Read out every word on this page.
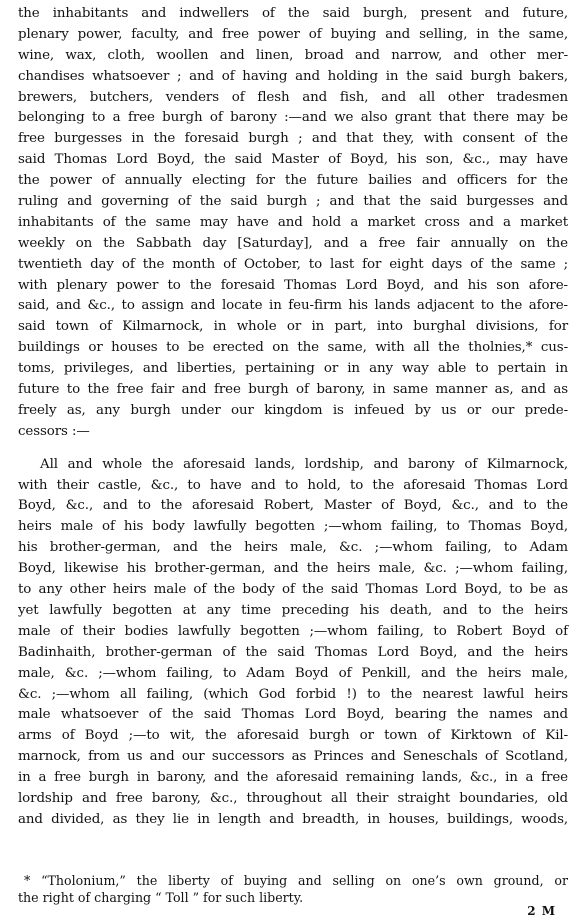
the inhabitants and indwellers of the said burgh, present and future,
plenary power, faculty, and free power of buying and selling, in the same,
wine, wax, cloth, woollen and linen, broad and narrow, and other mer-
chandises whatsoever ; and of having and holding in the said burgh bakers,
brewers, butchers, venders of flesh and fish, and all other tradesmen
belonging to a free burgh of barony :—and we also grant that there may be
free burgesses in the foresaid burgh ; and that they, with consent of the
said Thomas Lord Boyd, the said Master of Boyd, his son, &c., may have
the power of annually electing for the future bailies and officers for the
ruling and governing of the said burgh ; and that the said burgesses and
inhabitants of the same may have and hold a market cross and a market
weekly on the Sabbath day [Saturday], and a free fair annually on the
twentieth day of the month of October, to last for eight days of the same ;
with plenary power to the foresaid Thomas Lord Boyd, and his son afore-
said, and &c., to assign and locate in feu-firm his lands adjacent to the afore-
said town of Kilmarnock, in whole or in part, into burghal divisions, for
buildings or houses to be erected on the same, with all the tholnies,* cus-
toms, privileges, and liberties, pertaining or in any way able to pertain in
future to the free fair and free burgh of barony, in same manner as, and as
freely as, any burgh under our kingdom is infeued by us or our prede-
cessors :—
All and whole the aforesaid lands, lordship, and barony of Kilmarnock,
with their castle, &c., to have and to hold, to the aforesaid Thomas Lord
Boyd, &c., and to the aforesaid Robert, Master of Boyd, &c., and to the
heirs male of his body lawfully begotten ;—whom failing, to Thomas Boyd,
his brother-german, and the heirs male, &c. ;—whom failing, to Adam
Boyd, likewise his brother-german, and the heirs male, &c. ;—whom failing,
to any other heirs male of the body of the said Thomas Lord Boyd, to be as
yet lawfully begotten at any time preceding his death, and to the heirs
male of their bodies lawfully begotten ;—whom failing, to Robert Boyd of
Badinhaith, brother-german of the said Thomas Lord Boyd, and the heirs
male, &c. ;—whom failing, to Adam Boyd of Penkill, and the heirs male,
&c. ;—whom all failing, (which God forbid !) to the nearest lawful heirs
male whatsoever of the said Thomas Lord Boyd, bearing the names and
arms of Boyd ;—to wit, the aforesaid burgh or town of Kirktown of Kil-
marnock, from us and our successors as Princes and Seneschals of Scotland,
in a free burgh in barony, and the aforesaid remaining lands, &c., in a free
lordship and free barony, &c., throughout all their straight boundaries, old
and divided, as they lie in length and breadth, in houses, buildings, woods,
* “Tholonium,” the liberty of buying and selling on one’s own ground, or
the right of charging “ Toll ” for such liberty.
2 M
